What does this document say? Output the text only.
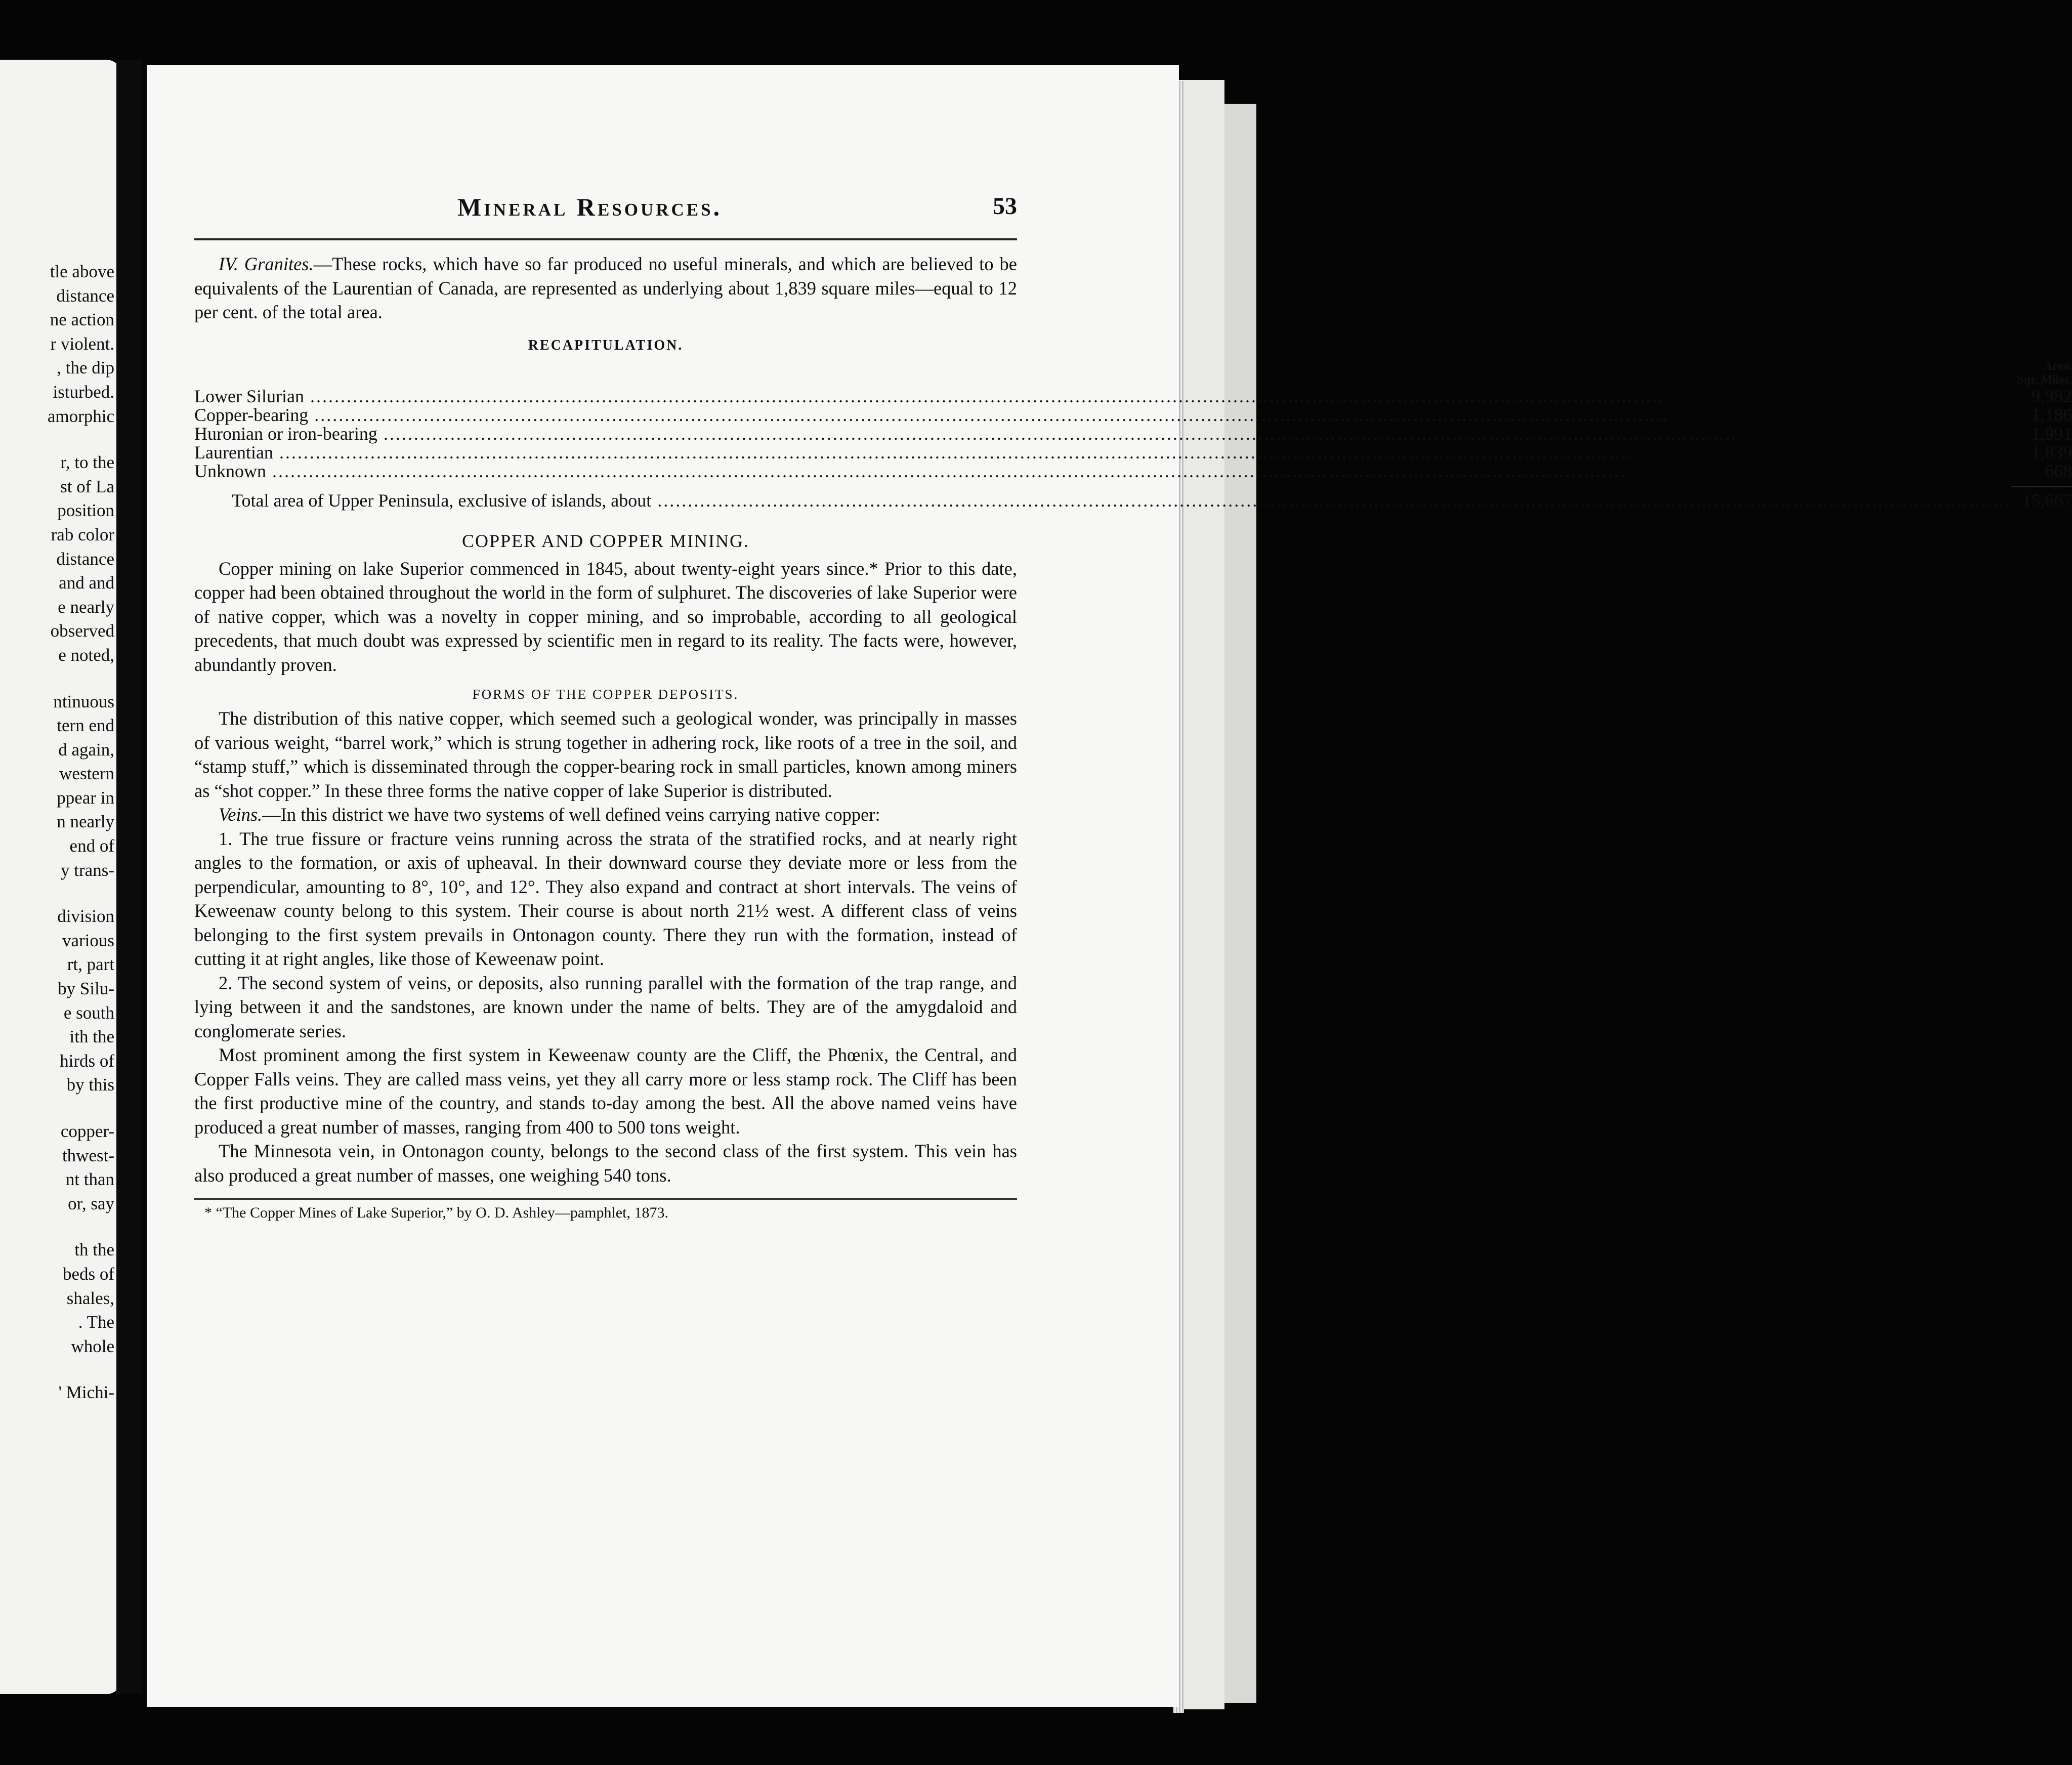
tle above
distance
ne action
r violent.
, the dip
isturbed.
amorphic
r, to the
st of La
position
rab color
distance
and and
e nearly
observed
e noted,
ntinuous
tern end
d again,
western
ppear in
n nearly
end of
y trans-
division
various
rt, part
by Silu-
e south
ith the
hirds of
by this
copper-
thwest-
nt than
or, say
th the
beds of
shales,
. The
whole
' Michi-
Mineral Resources.	53

IV. Granites.—These rocks, which have so far produced no useful minerals, and which are believed to be equivalents of the Laurentian of Canada, are represented as underlying about 1,839 square miles—equal to 12 per cent. of the total area.

RECAPITULATION.

	Area.
Sqr. Miles.

Lower Silurian .....	9,982
Copper-bearing .....	1,186
Huronian or iron-bearing .....	1,991
Laurentian .....	1,839
Unknown .....	668

Total area of Upper Peninsula, exclusive of islands, about .....	15,667

COPPER AND COPPER MINING.

Copper mining on lake Superior commenced in 1845, about twenty-eight years since.* Prior to this date, copper had been obtained throughout the world in the form of sulphuret. The discoveries of lake Superior were of native copper, which was a novelty in copper mining, and so improbable, according to all geological precedents, that much doubt was expressed by scientific men in regard to its reality. The facts were, however, abundantly proven.

FORMS OF THE COPPER DEPOSITS.

The distribution of this native copper, which seemed such a geological wonder, was principally in masses of various weight, “barrel work,” which is strung together in adhering rock, like roots of a tree in the soil, and “stamp stuff,” which is disseminated through the copper-bearing rock in small particles, known among miners as “shot copper.” In these three forms the native copper of lake Superior is distributed.

Veins.—In this district we have two systems of well defined veins carrying native copper:

1. The true fissure or fracture veins running across the strata of the stratified rocks, and at nearly right angles to the formation, or axis of upheaval. In their downward course they deviate more or less from the perpendicular, amounting to 8°, 10°, and 12°. They also expand and contract at short intervals. The veins of Keweenaw county belong to this system. Their course is about north 21½ west. A different class of veins belonging to the first system prevails in Ontonagon county. There they run with the formation, instead of cutting it at right angles, like those of Keweenaw point.

2. The second system of veins, or deposits, also running parallel with the formation of the trap range, and lying between it and the sandstones, are known under the name of belts. They are of the amygdaloid and conglomerate series.

Most prominent among the first system in Keweenaw county are the Cliff, the Phœnix, the Central, and Copper Falls veins. They are called mass veins, yet they all carry more or less stamp rock. The Cliff has been the first productive mine of the country, and stands to-day among the best. All the above named veins have produced a great number of masses, ranging from 400 to 500 tons weight.

The Minnesota vein, in Ontonagon county, belongs to the second class of the first system. This vein has also produced a great number of masses, one weighing 540 tons.

* “The Copper Mines of Lake Superior,” by O. D. Ashley—pamphlet, 1873.
